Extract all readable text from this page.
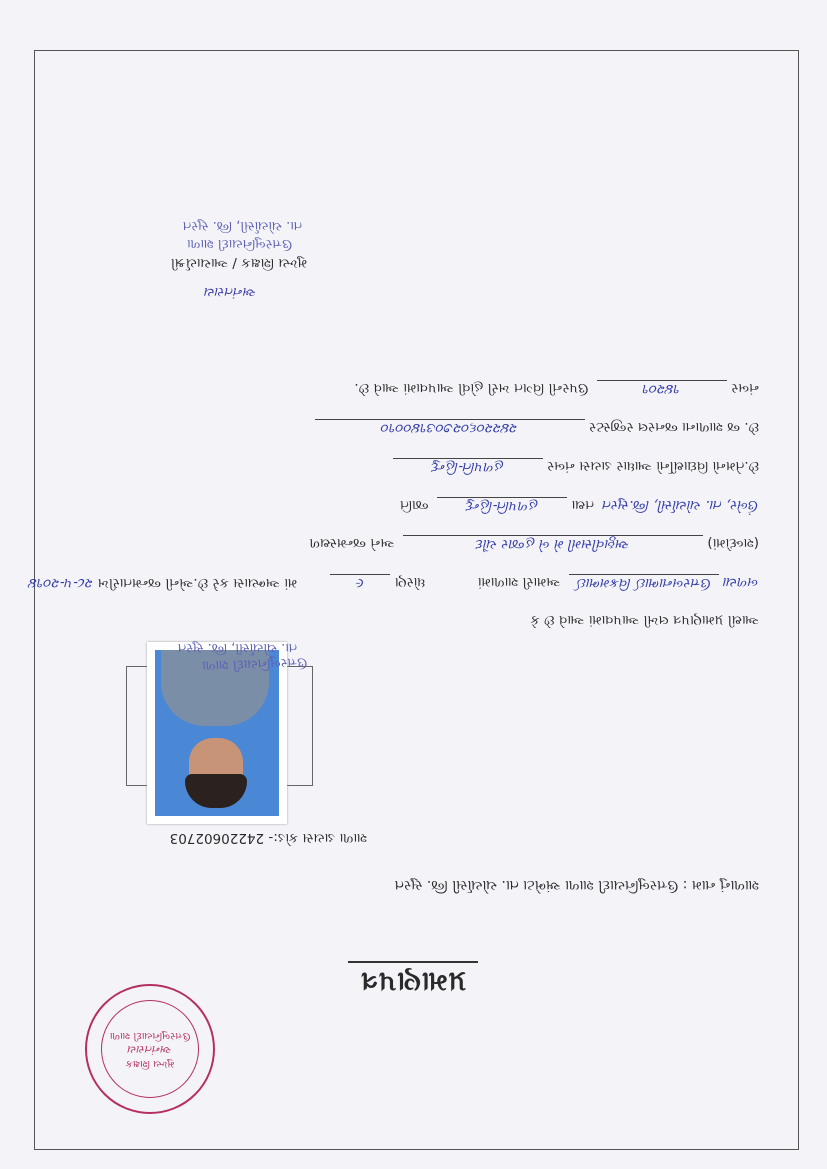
પ્રમાણપત્ર
શાળાનું નામ : ઉત્તરબુનિયાદી શાળા અંભેટા તા. ચોર્યાસી જિ. સુરત
શાળા ડાયસ કોડ:- 24220602703
આથી પ્રમાણપત્ર લખી આપવામાં આવે છે કે
બળયા ઉત્તરબનાભાઈ વિક્રમભાઈ  અમારી શાળામાં
ધોરણ ૯
માં અભ્યાસ કરે છે.એની જન્મતારીખ ૨૮-૫-૨૦૧૪
(શબ્દોમાં) અઠ્ઠાવીસમી મે બે હજાર ચૌદ  અને જન્મસ્થળ
ઉંબેર, તા. ચોર્યાસી, જિ.સુરત  તથા હળપતિ-હિન્દુ  જાતિ
છે.તેમનો વિદ્યાર્થીનો આધાર ડાયસ નંબર હળપતિ-હિન્દુ
છે. જ શાળાના જનરલ રજીસ્ટર ૨૪૨૨૦૬૦૨૭૦૩૧૪૦૦૧૦
નંબર ૧૪૨૦૧  ઉપરની વિગત ખરી હોવી આપવામાં આવે છે.
અનંતરાય
મુખ્ય શિક્ષક / આચાર્યશ્રી
ઉત્તરબુનિયાદી શાળા
તા. ચોર્યાસી, જિ. સુરત
ઉત્તરબુનિયાદી શાળા
તા. ચોર્યાસી, જિ. સુરત
મુખ્ય શિક્ષક
અનંતરાય
ઉત્તરબુનિયાદી શાળા
